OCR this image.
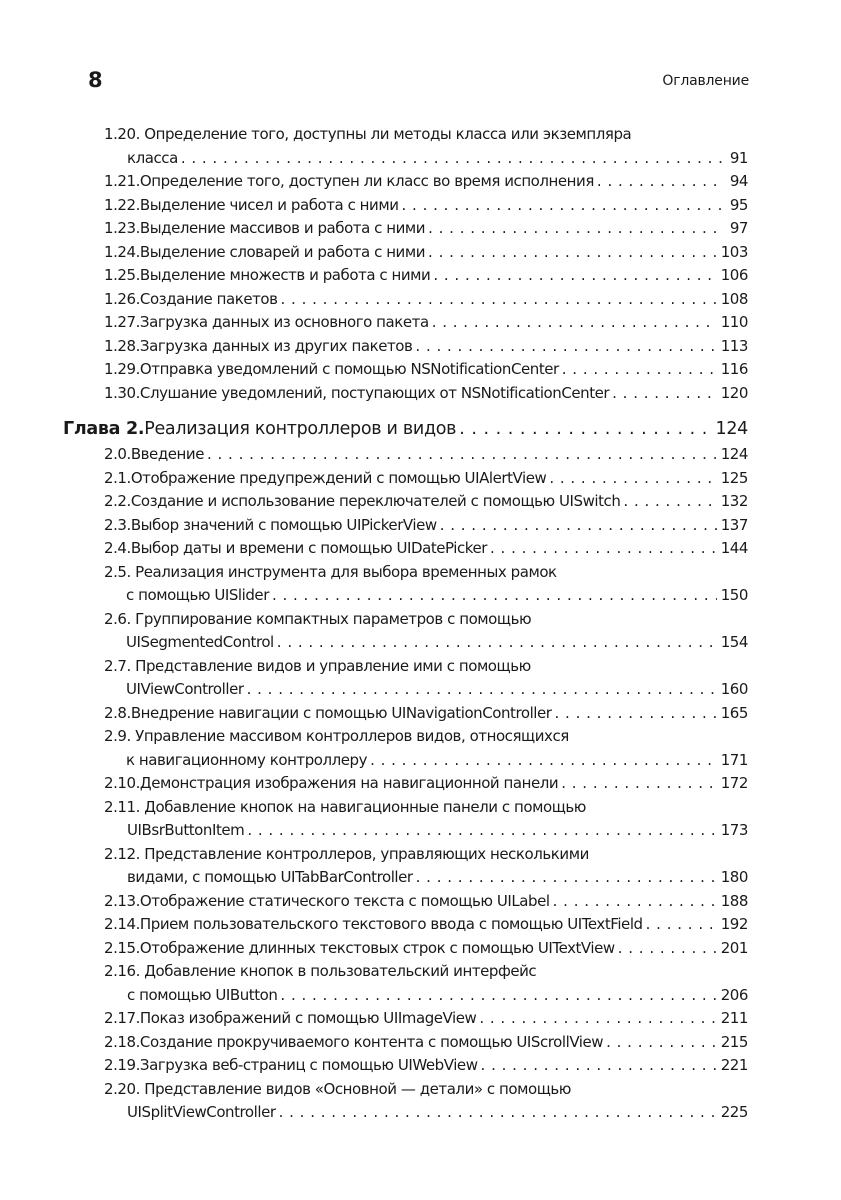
8	Оглавление
1.20. Определение того, доступны ли методы класса или экземпляра
класса . . .	91
1.21. Определение того, доступен ли класс во время исполнения . . .	94
1.22. Выделение чисел и работа с ними . . .	95
1.23. Выделение массивов и работа с ними . . .	97
1.24. Выделение словарей и работа с ними . . .	103
1.25. Выделение множеств и работа с ними . . .	106
1.26. Создание пакетов . . .	108
1.27. Загрузка данных из основного пакета . . .	110
1.28. Загрузка данных из других пакетов . . .	113
1.29. Отправка уведомлений с помощью NSNotificationCenter . . .	116
1.30. Слушание уведомлений, поступающих от NSNotificationCenter . . .	120
Глава 2. Реализация контроллеров и видов . . .	124
2.0. Введение . . .	124
2.1. Отображение предупреждений с помощью UIAlertView . . .	125
2.2. Создание и использование переключателей с помощью UISwitch . . .	132
2.3. Выбор значений с помощью UIPickerView . . .	137
2.4. Выбор даты и времени с помощью UIDatePicker . . .	144
2.5. Реализация инструмента для выбора временных рамок
с помощью UISlider . . .	150
2.6. Группирование компактных параметров с помощью
UISegmentedControl . . .	154
2.7. Представление видов и управление ими с помощью
UIViewController . . .	160
2.8. Внедрение навигации с помощью UINavigationController . . .	165
2.9. Управление массивом контроллеров видов, относящихся
к навигационному контроллеру . . .	171
2.10. Демонстрация изображения на навигационной панели . . .	172
2.11. Добавление кнопок на навигационные панели с помощью
UIBsrButtonItem . . .	173
2.12. Представление контроллеров, управляющих несколькими
видами, с помощью UITabBarController . . .	180
2.13. Отображение статического текста с помощью UILabel . . .	188
2.14. Прием пользовательского текстового ввода с помощью UITextField . . .	192
2.15. Отображение длинных текстовых строк с помощью UITextView . . .	201
2.16. Добавление кнопок в пользовательский интерфейс
с помощью UIButton . . .	206
2.17. Показ изображений с помощью UIImageView . . .	211
2.18. Создание прокручиваемого контента с помощью UIScrollView . . .	215
2.19. Загрузка веб-страниц с помощью UIWebView . . .	221
2.20. Представление видов «Основной — детали» с помощью
UISplitViewController . . .	225
